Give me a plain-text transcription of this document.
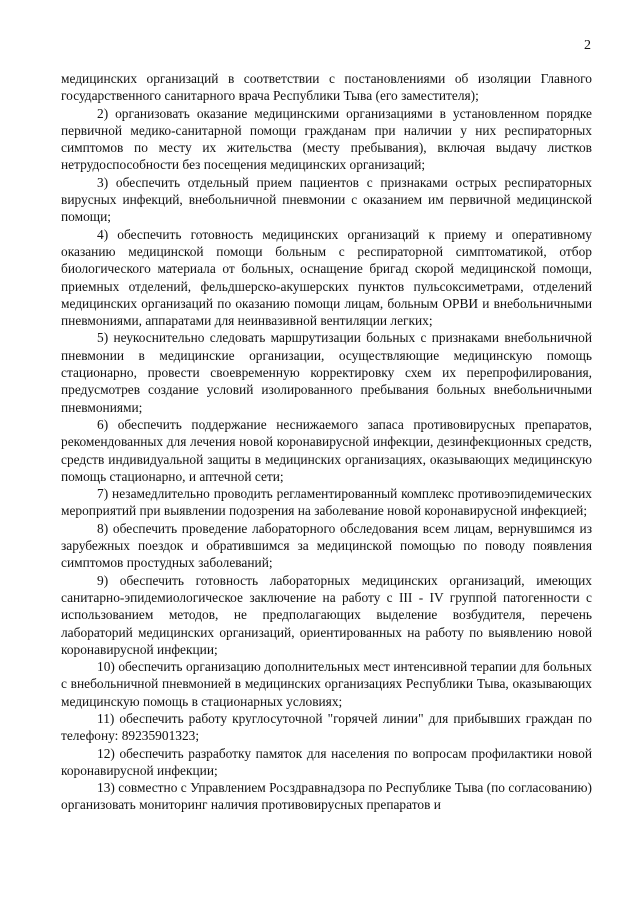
2

медицинских организаций в соответствии с постановлениями об изоляции Главного государственного санитарного врача Республики Тыва (его заместителя);

2) организовать оказание медицинскими организациями в установленном порядке первичной медико-санитарной помощи гражданам при наличии у них респираторных симптомов по месту их жительства (месту пребывания), включая выдачу листков нетрудоспособности без посещения медицинских организаций;

3) обеспечить отдельный прием пациентов с признаками острых респираторных вирусных инфекций, внебольничной пневмонии с оказанием им первичной медицинской помощи;

4) обеспечить готовность медицинских организаций к приему и оперативному оказанию медицинской помощи больным с респираторной симптоматикой, отбор биологического материала от больных, оснащение бригад скорой медицинской помощи, приемных отделений, фельдшерско-акушерских пунктов пульсоксиметрами, отделений медицинских организаций по оказанию помощи лицам, больным ОРВИ и внебольничными пневмониями, аппаратами для неинвазивной вентиляции легких;

5) неукоснительно следовать маршрутизации больных с признаками внебольничной пневмонии в медицинские организации, осуществляющие медицинскую помощь стационарно, провести своевременную корректировку схем их перепрофилирования, предусмотрев создание условий изолированного пребывания больных внебольничными пневмониями;

6) обеспечить поддержание неснижаемого запаса противовирусных препаратов, рекомендованных для лечения новой коронавирусной инфекции, дезинфекционных средств, средств индивидуальной защиты в медицинских организациях, оказывающих медицинскую помощь стационарно, и аптечной сети;

7) незамедлительно проводить регламентированный комплекс противоэпидемических мероприятий при выявлении подозрения на заболевание новой коронавирусной инфекцией;

8) обеспечить проведение лабораторного обследования всем лицам, вернувшимся из зарубежных поездок и обратившимся за медицинской помощью по поводу появления симптомов простудных заболеваний;

9) обеспечить готовность лабораторных медицинских организаций, имеющих санитарно-эпидемиологическое заключение на работу с III - IV группой патогенности с использованием методов, не предполагающих выделение возбудителя, перечень лабораторий медицинских организаций, ориентированных на работу по выявлению новой коронавирусной инфекции;

10) обеспечить организацию дополнительных мест интенсивной терапии для больных с внебольничной пневмонией в медицинских организациях Республики Тыва, оказывающих медицинскую помощь в стационарных условиях;

11) обеспечить работу круглосуточной "горячей линии" для прибывших граждан по телефону: 89235901323;

12) обеспечить разработку памяток для населения по вопросам профилактики новой коронавирусной инфекции;

13) совместно с Управлением Росздравнадзора по Республике Тыва (по согласованию) организовать мониторинг наличия противовирусных препаратов и
